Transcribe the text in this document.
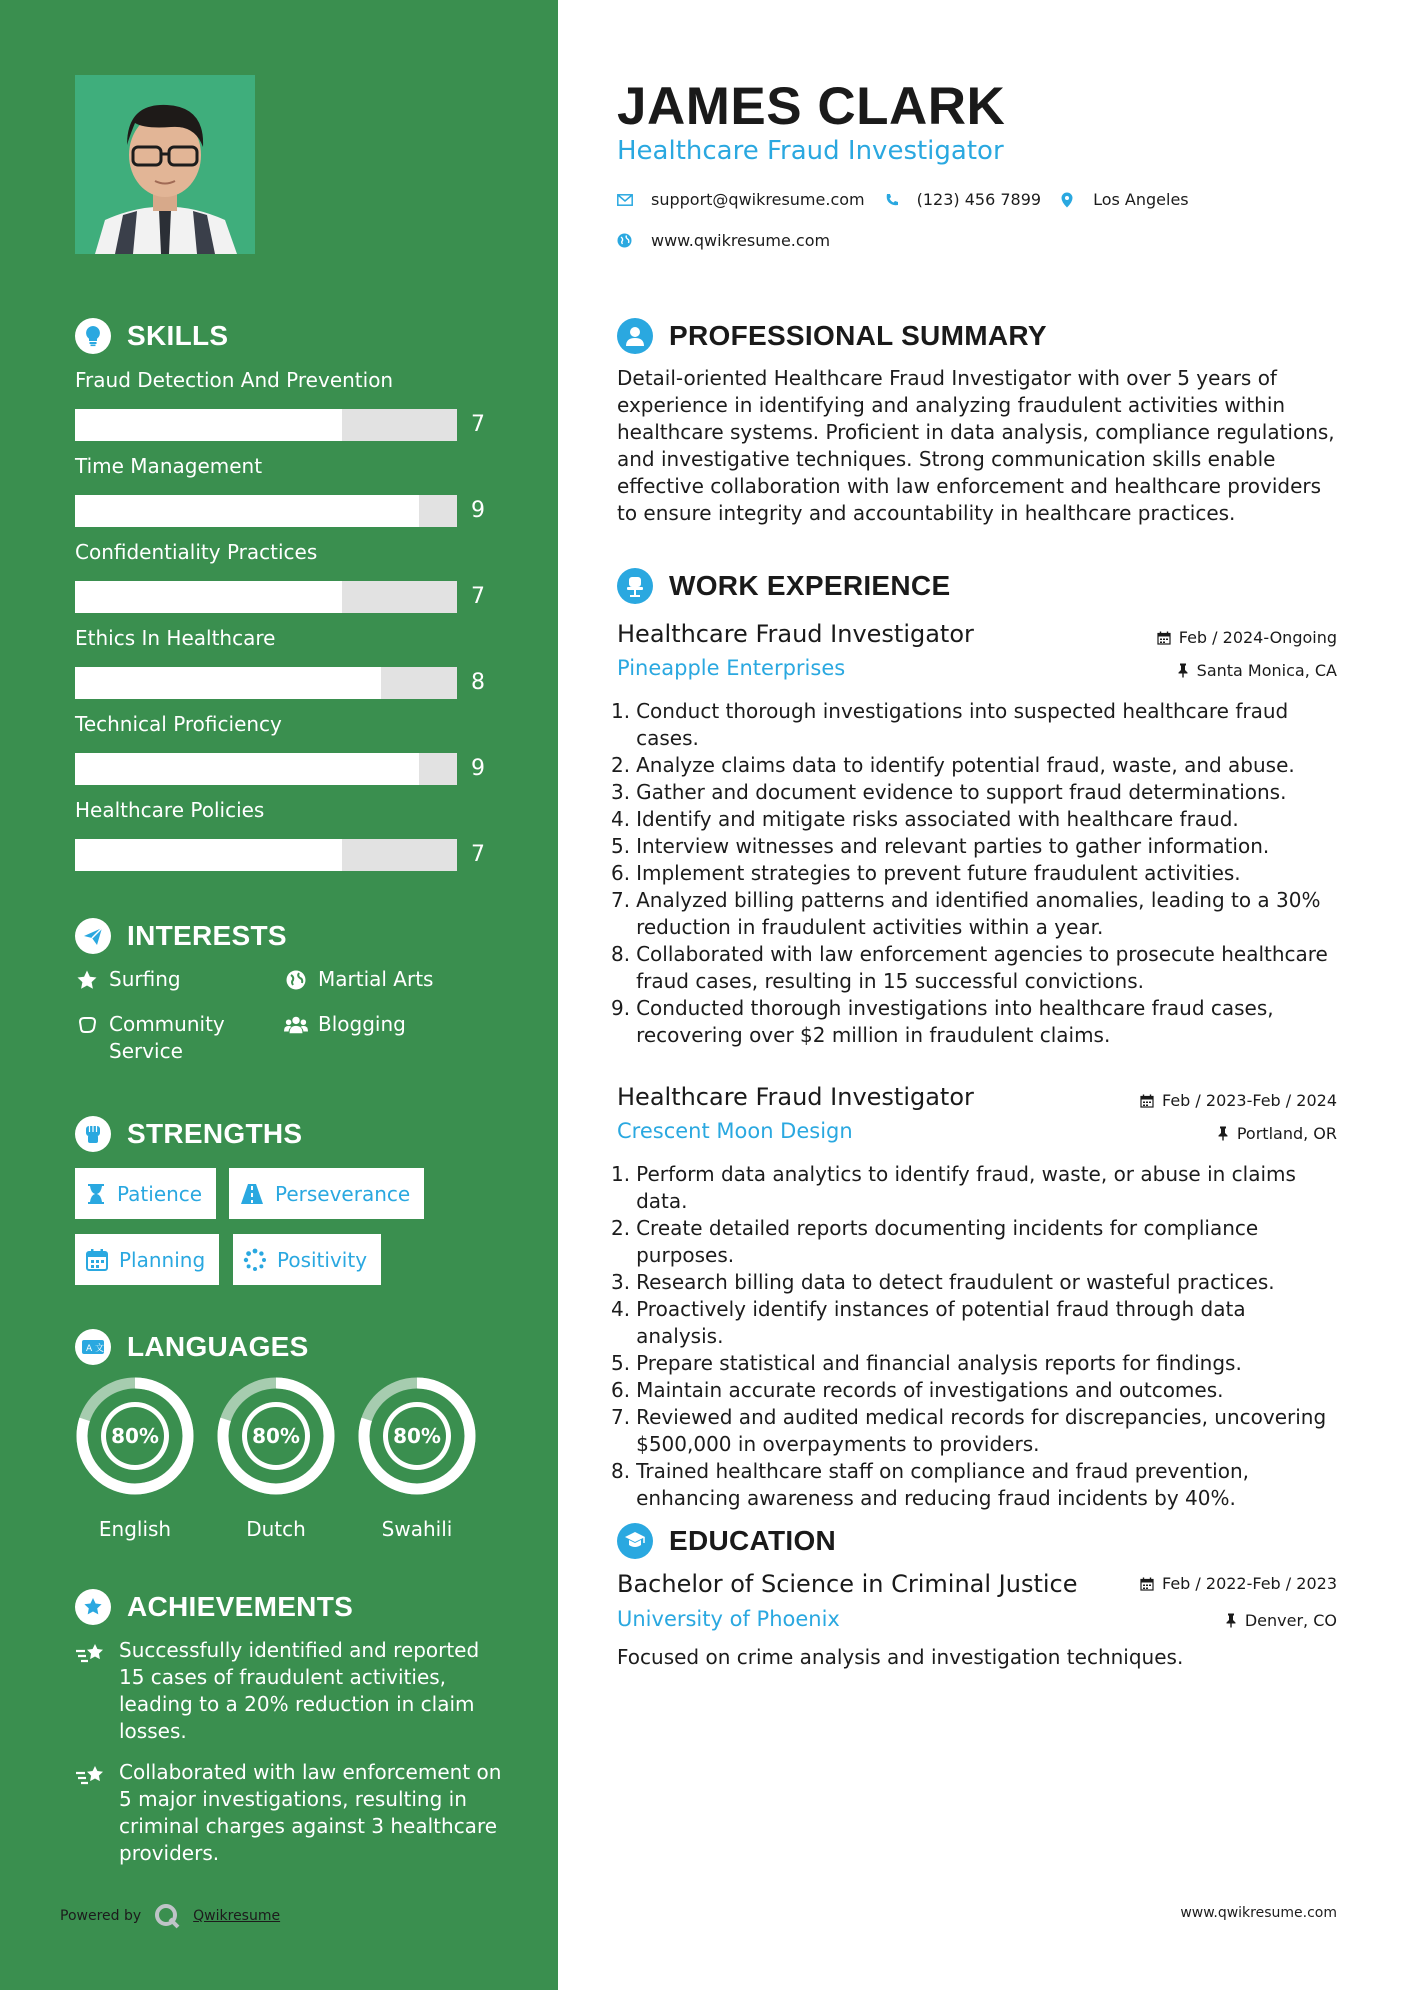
SKILLS
Fraud Detection And Prevention
7
Time Management
9
Confidentiality Practices
7
Ethics In Healthcare
8
Technical Proficiency
9
Healthcare Policies
7
INTERESTS
Surfing	Martial Arts
Community Service
Blogging
STRENGTHS
Patience	Perseverance
Planning	Positivity
A 文 LANGUAGES
80%
English
80%
Dutch
80%
Swahili
ACHIEVEMENTS
Successfully identified and reported 15 cases of fraudulent activities, leading to a 20% reduction in claim losses.
Collaborated with law enforcement on 5 major investigations, resulting in criminal charges against 3 healthcare providers.
Powered by	Qwikresume
JAMES CLARK
Healthcare Fraud Investigator
support@qwikresume.com	(123) 456 7899	Los Angeles
www.qwikresume.com
PROFESSIONAL SUMMARY
Detail-oriented Healthcare Fraud Investigator with over 5 years of experience in identifying and analyzing fraudulent activities within healthcare systems. Proficient in data analysis, compliance regulations, and investigative techniques. Strong communication skills enable effective collaboration with law enforcement and healthcare providers to ensure integrity and accountability in healthcare practices.
WORK EXPERIENCE
Healthcare Fraud Investigator	Feb / 2024-Ongoing
Pineapple Enterprises	Santa Monica, CA
1. Conduct thorough investigations into suspected healthcare fraud cases.
2. Analyze claims data to identify potential fraud, waste, and abuse.
3. Gather and document evidence to support fraud determinations.
4. Identify and mitigate risks associated with healthcare fraud.
5. Interview witnesses and relevant parties to gather information.
6. Implement strategies to prevent future fraudulent activities.
7. Analyzed billing patterns and identified anomalies, leading to a 30% reduction in fraudulent activities within a year.
8. Collaborated with law enforcement agencies to prosecute healthcare fraud cases, resulting in 15 successful convictions.
9. Conducted thorough investigations into healthcare fraud cases, recovering over $2 million in fraudulent claims.
Healthcare Fraud Investigator	Feb / 2023-Feb / 2024
Crescent Moon Design	Portland, OR
1. Perform data analytics to identify fraud, waste, or abuse in claims data.
2. Create detailed reports documenting incidents for compliance purposes.
3. Research billing data to detect fraudulent or wasteful practices.
4. Proactively identify instances of potential fraud through data analysis.
5. Prepare statistical and financial analysis reports for findings.
6. Maintain accurate records of investigations and outcomes.
7. Reviewed and audited medical records for discrepancies, uncovering $500,000 in overpayments to providers.
8. Trained healthcare staff on compliance and fraud prevention, enhancing awareness and reducing fraud incidents by 40%.
EDUCATION
Bachelor of Science in Criminal Justice	Feb / 2022-Feb / 2023
University of Phoenix	Denver, CO
Focused on crime analysis and investigation techniques.
www.qwikresume.com
